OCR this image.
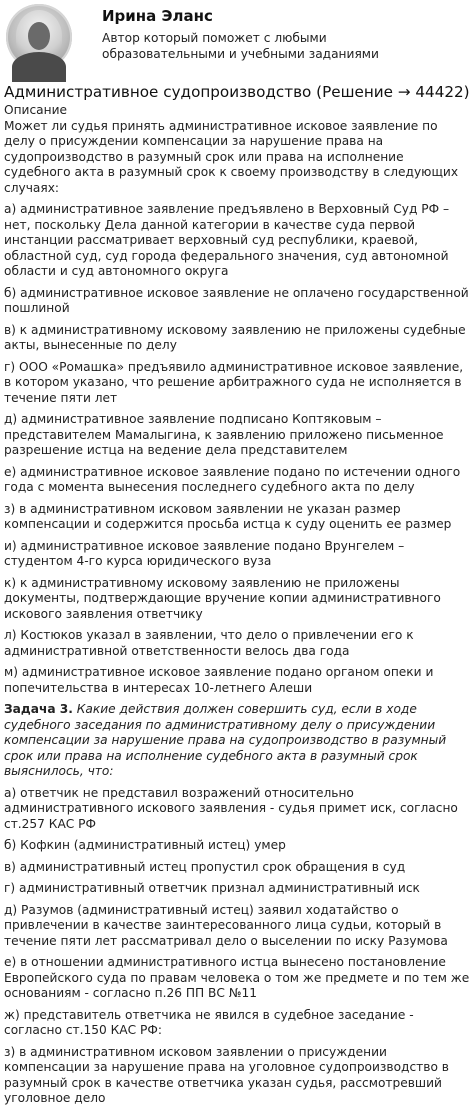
Ирина Эланс
Автор который поможет с любыми образовательными и учебными заданиями
Административное судопроизводство (Решение → 44422)
Описание

Может ли судья принять административное исковое заявление по делу о присуждении компенсации за нарушение права на судопроизводство в разумный срок или права на исполнение судебного акта в разумный срок к своему производству в следующих случаях:

а) административное заявление предъявлено в Верховный Суд РФ – нет, поскольку Дела данной категории в качестве суда первой инстанции рассматривает верховный суд республики, краевой, областной суд, суд города федерального значения, суд автономной области и суд автономного округа

б) административное исковое заявление не оплачено государственной пошлиной

в) к административному исковому заявлению не приложены судебные акты, вынесенные по делу

г) ООО «Ромашка» предъявило административное исковое заявление, в котором указано, что решение арбитражного суда не исполняется в течение пяти лет

д) административное заявление подписано Коптяковым – представителем Мамалыгина, к заявлению приложено письменное разрешение истца на ведение дела представителем

е) административное исковое заявление подано по истечении одного года с момента вынесения последнего судебного акта по делу

з) в административном исковом заявлении не указан размер компенсации и содержится просьба истца к суду оценить ее размер

и) административное исковое заявление подано Врунгелем – студентом 4-го курса юридического вуза

к) к административному исковому заявлению не приложены документы, подтверждающие вручение копии административного искового заявления ответчику

л) Костюков указал в заявлении, что дело о привлечении его к административной ответственности велось два года

м) административное исковое заявление подано органом опеки и попечительства в интересах 10-летнего Алеши

Задача 3. Какие действия должен совершить суд, если в ходе судебного заседания по административному делу о присуждении компенсации за нарушение права на судопроизводство в разумный срок или права на исполнение судебного акта в разумный срок выяснилось, что:

а) ответчик не представил возражений относительно административного искового заявления - судья примет иск, согласно ст.257 КАС РФ

б) Кофкин (административный истец) умер

в) административный истец пропустил срок обращения в суд

г) административный ответчик признал административный иск

д) Разумов (административный истец) заявил ходатайство о привлечении в качестве заинтересованного лица судьи, который в течение пяти лет рассматривал дело о выселении по иску Разумова

е) в отношении административного истца вынесено постановление Европейского суда по правам человека о том же предмете и по тем же основаниям - согласно п.26 ПП ВС №11

ж) представитель ответчика не явился в судебное заседание - согласно ст.150 КАС РФ:

з) в административном исковом заявлении о присуждении компенсации за нарушение права на уголовное судопроизводство в разумный срок в качестве ответчика указан судья, рассмотревший уголовное дело
